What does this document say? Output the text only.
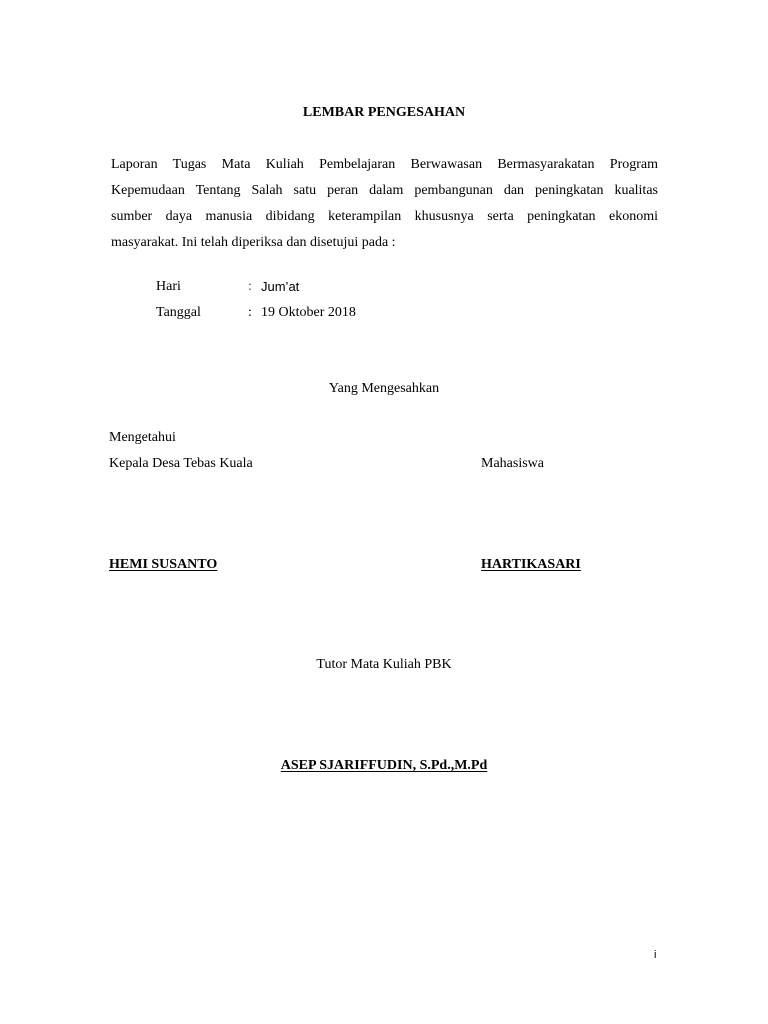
LEMBAR PENGESAHAN
Laporan Tugas Mata Kuliah Pembelajaran Berwawasan Bermasyarakatan Program
Kepemudaan Tentang Salah satu peran dalam pembangunan dan peningkatan kualitas
sumber daya manusia dibidang keterampilan khususnya serta peningkatan ekonomi
masyarakat. Ini telah diperiksa dan disetujui pada :
Hari	: Jum’at
Tanggal	: 19 Oktober 2018
Yang Mengesahkan
Mengetahui
Kepala Desa Tebas Kuala	Mahasiswa
HEMI SUSANTO	HARTIKASARI
Tutor Mata Kuliah PBK
ASEP SJARIFFUDIN, S.Pd.,M.Pd
i
